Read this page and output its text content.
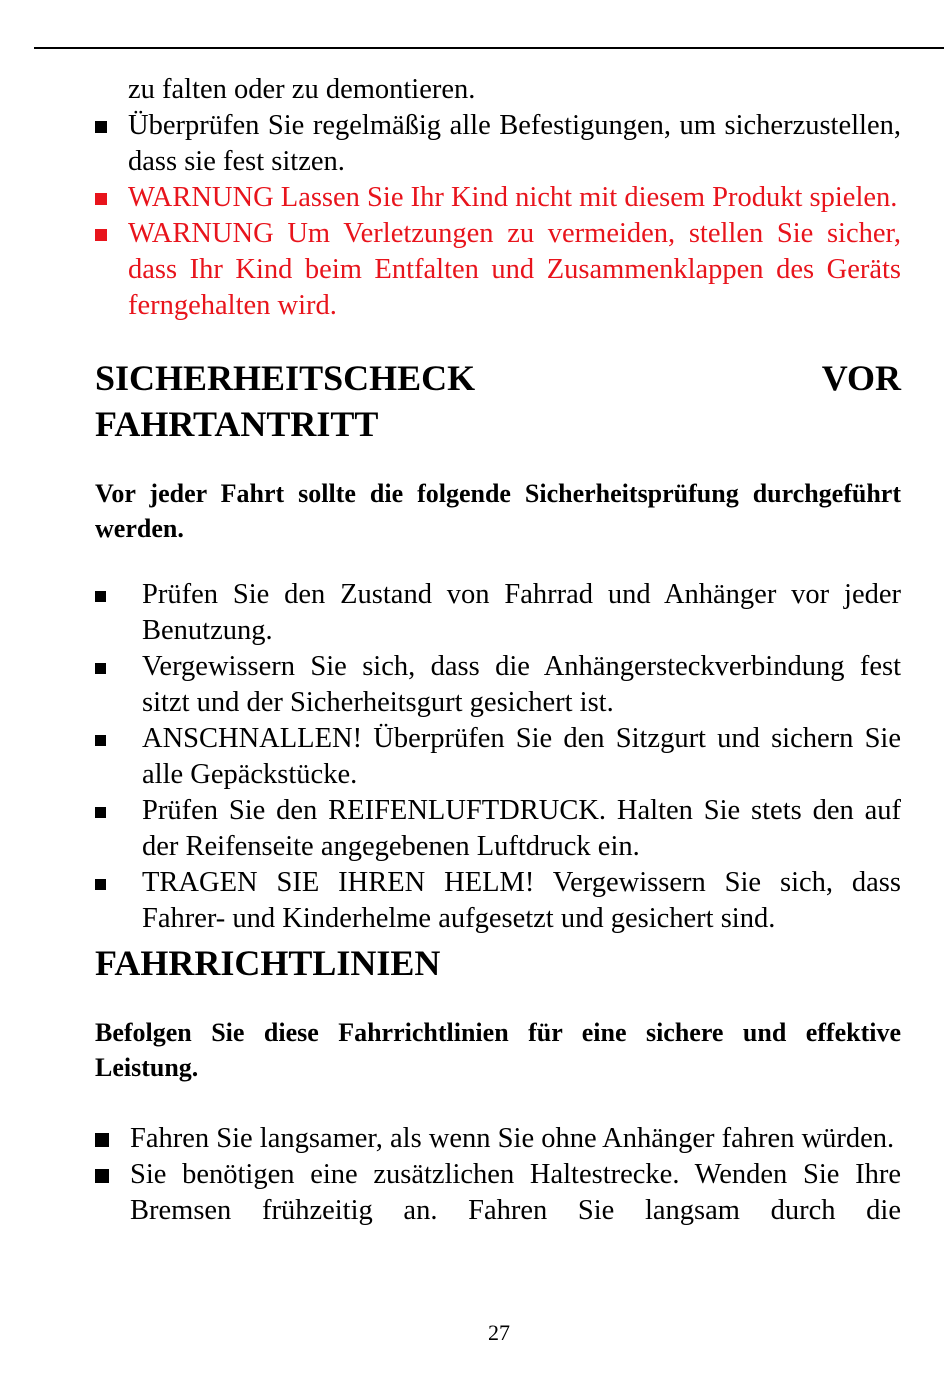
zu falten oder zu demontieren.
Überprüfen Sie regelmäßig alle Befestigungen, um sicherzustellen, dass sie fest sitzen.
WARNUNG Lassen Sie Ihr Kind nicht mit diesem Produkt spielen.
WARNUNG Um Verletzungen zu vermeiden, stellen Sie sicher, dass Ihr Kind beim Entfalten und Zusammenklappen des Geräts ferngehalten wird.
SICHERHEITSCHECK	VOR
FAHRTANTRITT
Vor jeder Fahrt sollte die folgende Sicherheitsprüfung durchgeführt werden.
Prüfen Sie den Zustand von Fahrrad und Anhänger vor jeder Benutzung.
Vergewissern Sie sich, dass die Anhängersteckverbindung fest sitzt und der Sicherheitsgurt gesichert ist.
ANSCHNALLEN! Überprüfen Sie den Sitzgurt und sichern Sie alle Gepäckstücke.
Prüfen Sie den REIFENLUFTDRUCK. Halten Sie stets den auf der Reifenseite angegebenen Luftdruck ein.
TRAGEN SIE IHREN HELM! Vergewissern Sie sich, dass Fahrer- und Kinderhelme aufgesetzt und gesichert sind.
FAHRRICHTLINIEN
Befolgen Sie diese Fahrrichtlinien für eine sichere und effektive Leistung.
Fahren Sie langsamer, als wenn Sie ohne Anhänger fahren würden.
Sie benötigen eine zusätzlichen Haltestrecke. Wenden Sie Ihre Bremsen frühzeitig an. Fahren Sie langsam durch die
27
